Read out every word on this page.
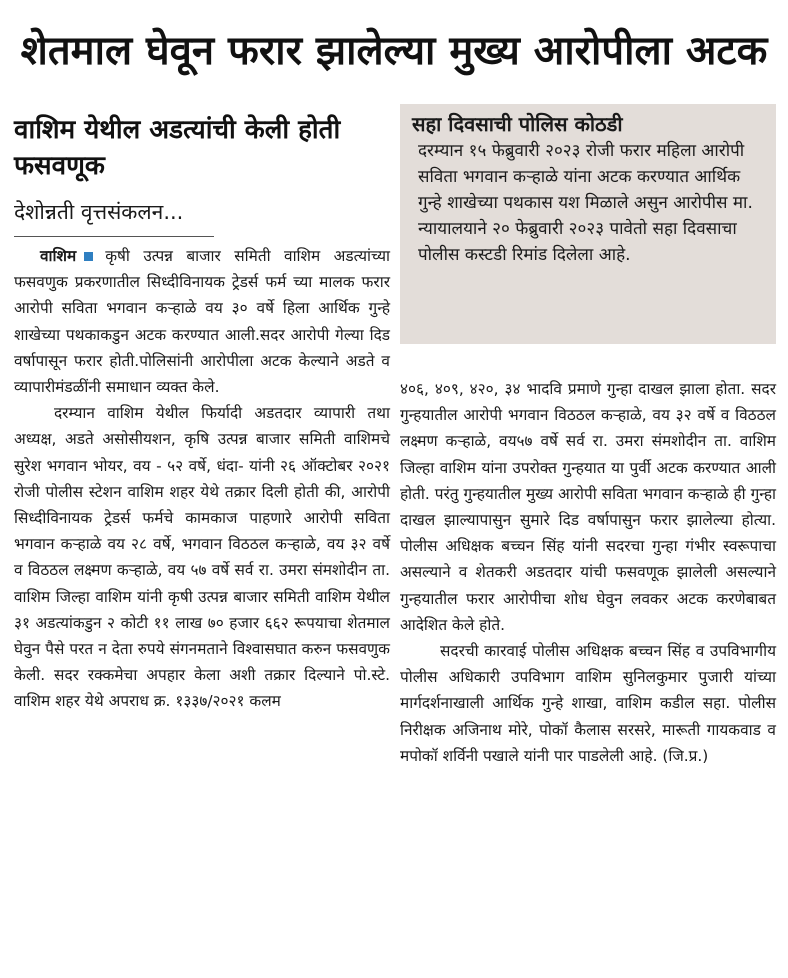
शेतमाल घेवून फरार झालेल्या मुख्य आरोपीला अटक
वाशिम येथील अडत्यांची केली होती फसवणूक
देशोन्नती वृत्तसंकलन...

वाशिम कृषी उत्पन्न बाजार समिती वाशिम अडत्यांच्या फसवणुक प्रकरणातील सिध्दीविनायक ट्रेडर्स फर्म च्या मालक फरार आरोपी सविता भगवान कऱ्हाळे वय ३० वर्षे हिला आर्थिक गुन्हे शाखेच्या पथकाकडुन अटक करण्यात आली.सदर आरोपी गेल्या दिड वर्षापासून फरार होती.पोलिसांनी आरोपीला अटक केल्याने अडते व व्यापारीमंडळींनी समाधान व्यक्त केले.

दरम्यान वाशिम येथील फिर्यादी अडतदार व्यापारी तथा अध्यक्ष, अडते असोसीयशन, कृषि उत्पन्न बाजार समिती वाशिमचे सुरेश भगवान भोयर, वय - ५२ वर्षे, धंदा- यांनी २६ ऑक्टोबर २०२१ रोजी पोलीस स्टेशन वाशिम शहर येथे तक्रार दिली होती की, आरोपी सिध्दीविनायक ट्रेडर्स फर्मचे कामकाज पाहणारे आरोपी सविता भगवान कऱ्हाळे वय २८ वर्षे, भगवान विठठल कऱ्हाळे, वय ३२ वर्षे व विठठल लक्ष्मण कऱ्हाळे, वय ५७ वर्षे सर्व रा. उमरा संमशोदीन ता. वाशिम जिल्हा वाशिम यांनी कृषी उत्पन्न बाजार समिती वाशिम येथील ३१ अडत्यांकडुन २ कोटी ११ लाख ७० हजार ६६२ रूपयाचा शेतमाल घेवुन पैसे परत न देता रुपये संगनमताने विश्वासघात करुन फसवणुक केली. सदर रक्कमेचा अपहार केला अशी तक्रार दिल्याने पो.स्टे. वाशिम शहर येथे अपराध क्र. १३३७/२०२१ कलम

सहा दिवसाची पोलिस कोठडी
दरम्यान १५ फेब्रुवारी २०२३ रोजी फरार महिला आरोपी सविता भगवान कऱ्हाळे यांना अटक करण्यात आर्थिक गुन्हे शाखेच्या पथकास यश मिळाले असुन आरोपीस मा. न्यायालयाने २० फेब्रुवारी २०२३ पावेतो सहा दिवसाचा पोलीस कस्टडी रिमांड दिलेला आहे.

४०६, ४०९, ४२०, ३४ भादवि प्रमाणे गुन्हा दाखल झाला होता. सदर गुन्हयातील आरोपी भगवान विठठल कऱ्हाळे, वय ३२ वर्षे व विठठल लक्ष्मण कऱ्हाळे, वय५७ वर्षे सर्व रा. उमरा संमशोदीन ता. वाशिम जिल्हा वाशिम यांना उपरोक्त गुन्हयात या पुर्वी अटक करण्यात आली होती. परंतु गुन्हयातील मुख्य आरोपी सविता भगवान कऱ्हाळे ही गुन्हा दाखल झाल्यापासुन सुमारे दिड वर्षापासुन फरार झालेल्या होत्या. पोलीस अधिक्षक बच्चन सिंह यांनी सदरचा गुन्हा गंभीर स्वरूपाचा असल्याने व शेतकरी अडतदार यांची फसवणूक झालेली असल्याने गुन्हयातील फरार आरोपीचा शोध घेवुन लवकर अटक करणेबाबत आदेशित केले होते.

सदरची कारवाई पोलीस अधिक्षक बच्चन सिंह व उपविभागीय पोलीस अधिकारी उपविभाग वाशिम सुनिलकुमार पुजारी यांच्या मार्गदर्शनाखाली आर्थिक गुन्हे शाखा, वाशिम कडील सहा. पोलीस निरीक्षक अजिनाथ मोरे, पोकॉ कैलास सरसरे, मारूती गायकवाड व मपोकॉ शर्विनी पखाले यांनी पार पाडलेली आहे. (जि.प्र.)
